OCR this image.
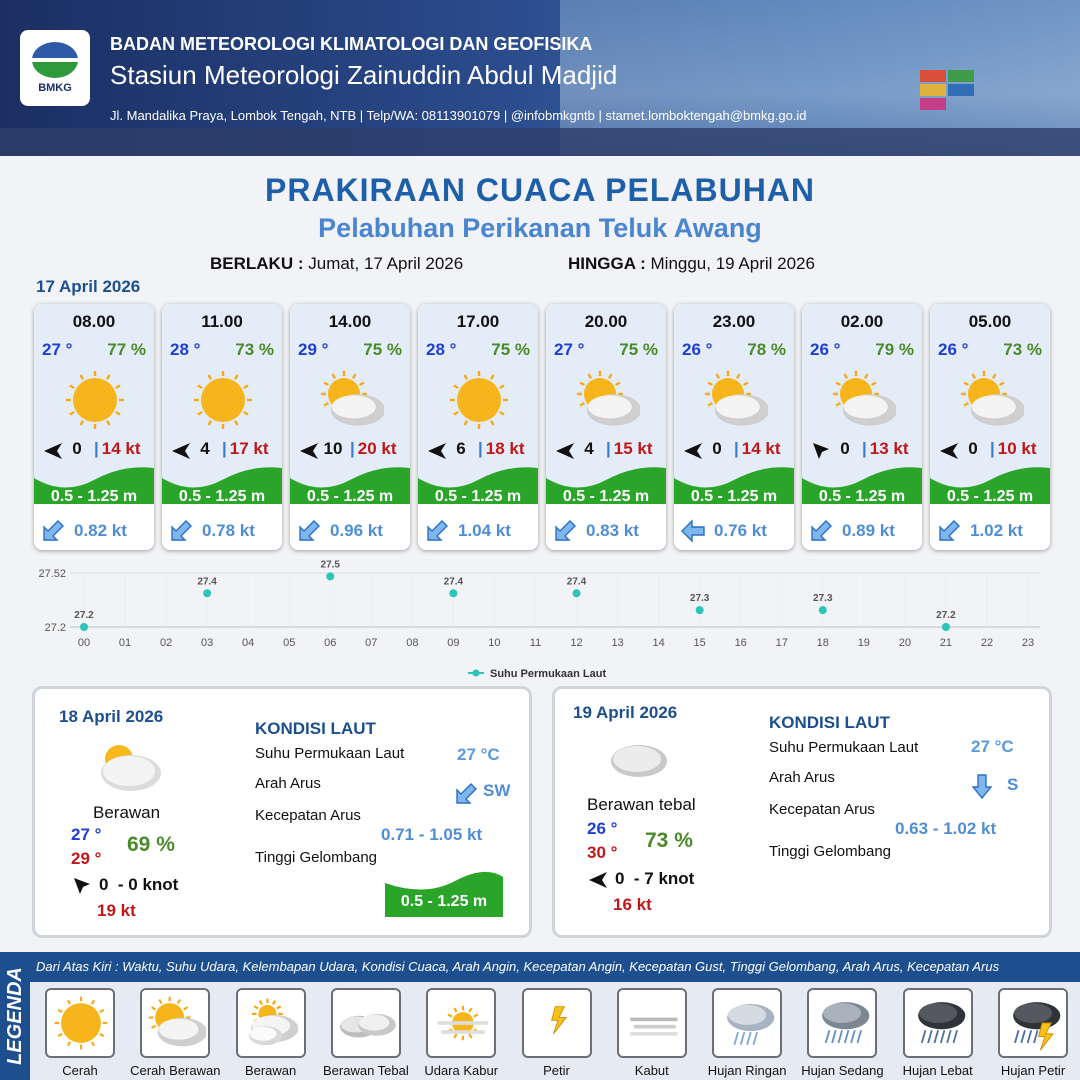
BMKG
BADAN METEOROLOGI KLIMATOLOGI DAN GEOFISIKA
Stasiun Meteorologi Zainuddin Abdul Madjid
Jl. Mandalika Praya, Lombok Tengah, NTB | Telp/WA: 08113901079 | @infobmkgntb | stamet.lomboktengah@bmkg.go.id
PRAKIRAAN CUACA PELABUHAN
Pelabuhan Perikanan Teluk Awang
BERLAKU : Jumat, 17 April 2026	HINGGA : Minggu, 19 April 2026
17 April 2026
08.00
27 ° 77 %
0 | 14 kt
0.5 - 1.25 m
0.82 kt
11.00
28 ° 73 %
4 | 17 kt
0.5 - 1.25 m
0.78 kt
14.00
29 ° 75 %
10 | 20 kt
0.5 - 1.25 m
0.96 kt
17.00
28 ° 75 %
6 | 18 kt
0.5 - 1.25 m
1.04 kt
20.00
27 ° 75 %
4 | 15 kt
0.5 - 1.25 m
0.83 kt
23.00
26 ° 78 %
0 | 14 kt
0.5 - 1.25 m
0.76 kt
02.00
26 ° 79 %
0 | 13 kt
0.5 - 1.25 m
0.89 kt
05.00
26 ° 73 %
0 | 10 kt
0.5 - 1.25 m
1.02 kt
00	01	02	03	04	05	06	07	08	09	10	11	12	13	14	15	16	17	18	19	20	21	22	23
27.2
27.52
27.2
27.4
27.5
27.4	27.4
27.3	27.3
27.2
Suhu Permukaan Laut
18 April 2026
Berawan
27 °
29 °
69 %
0  - 0 knot
19 kt
KONDISI LAUT
Suhu Permukaan Laut	27 °C
Arah Arus	SW
Kecepatan Arus
0.71 - 1.05 kt
Tinggi Gelombang
0.5 - 1.25 m
19 April 2026
Berawan tebal
26 °
30 °
73 %
0  - 7 knot
16 kt
KONDISI LAUT
Suhu Permukaan Laut	27 °C
Arah Arus	S
Kecepatan Arus
0.63 - 1.02 kt
Tinggi Gelombang
LEGENDA
Dari Atas Kiri : Waktu, Suhu Udara, Kelembapan Udara, Kondisi Cuaca, Arah Angin, Kecepatan Angin, Kecepatan Gust, Tinggi Gelombang, Arah Arus, Kecepatan Arus
Cerah	Cerah Berawan	Berawan	Berawan Tebal	Udara Kabur	Petir	Kabut	Hujan Ringan	Hujan Sedang	Hujan Lebat	Hujan Petir
